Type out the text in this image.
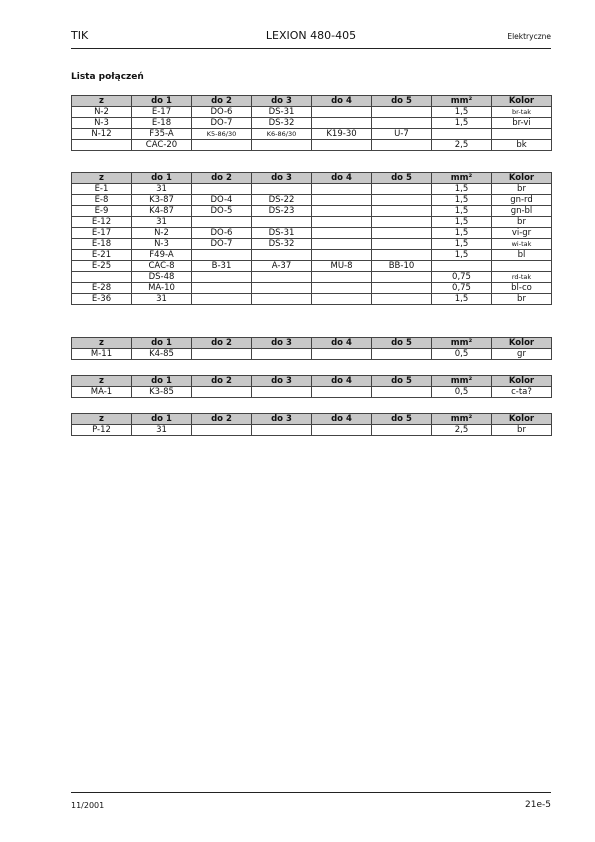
TIK	LEXION 480-405	Elektryczne
Lista połączeń
z	do 1	do 2	do 3	do 4	do 5	mm²	Kolor
N-2	E-17	DO-6	DS-31			1,5	br-tak
N-3	E-18	DO-7	DS-32			1,5	br-vi
N-12	F35-A	K5-86/30	K6-86/30	K19-30	U-7		
	CAC-20					2,5	bk
z	do 1	do 2	do 3	do 4	do 5	mm²	Kolor
E-1	31					1,5	br
E-8	K3-87	DO-4	DS-22			1,5	gn-rd
E-9	K4-87	DO-5	DS-23			1,5	gn-bl
E-12	31					1,5	br
E-17	N-2	DO-6	DS-31			1,5	vi-gr
E-18	N-3	DO-7	DS-32			1,5	wi-tak
E-21	F49-A					1,5	bl
E-25	CAC-8	B-31	A-37	MU-8	BB-10		
	DS-48					0,75	rd-tak
E-28	MA-10					0,75	bl-co
E-36	31					1,5	br
z	do 1	do 2	do 3	do 4	do 5	mm²	Kolor
M-11	K4-85					0,5	gr
z	do 1	do 2	do 3	do 4	do 5	mm²	Kolor
MA-1	K3-85					0,5	c-ta?
z	do 1	do 2	do 3	do 4	do 5	mm²	Kolor
P-12	31					2,5	br
11/2001	21e-5
